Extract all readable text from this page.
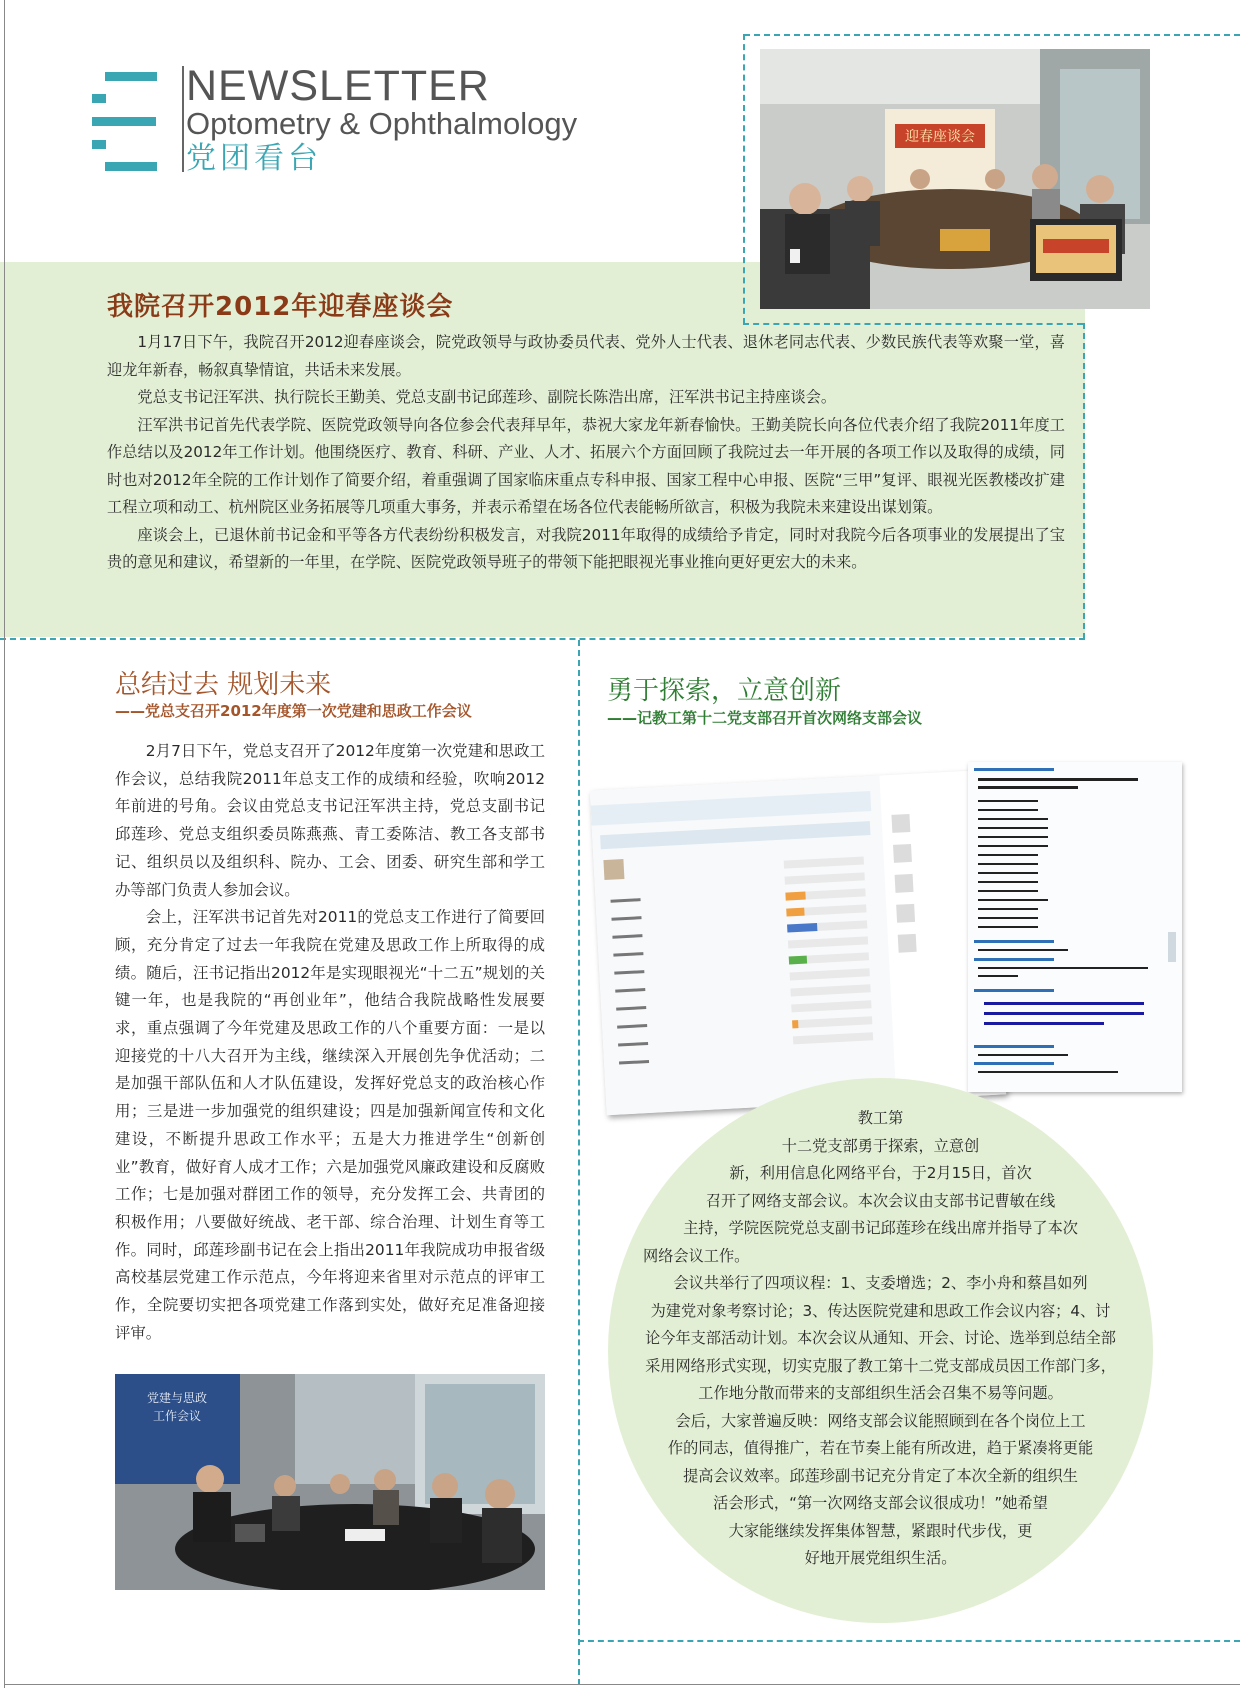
NEWSLETTER
Optometry & Ophthalmology
党团看台
迎春座谈会
我院召开2012年迎春座谈会

1月17日下午，我院召开2012迎春座谈会，院党政领导与政协委员代表、党外人士代表、退休老同志代表、少数民族代表等欢聚一堂，喜迎龙年新春，畅叙真挚情谊，共话未来发展。

党总支书记汪军洪、执行院长王勤美、党总支副书记邱莲珍、副院长陈浩出席，汪军洪书记主持座谈会。

汪军洪书记首先代表学院、医院党政领导向各位参会代表拜早年，恭祝大家龙年新春愉快。王勤美院长向各位代表介绍了我院2011年度工作总结以及2012年工作计划。他围绕医疗、教育、科研、产业、人才、拓展六个方面回顾了我院过去一年开展的各项工作以及取得的成绩，同时也对2012年全院的工作计划作了简要介绍，着重强调了国家临床重点专科申报、国家工程中心申报、医院“三甲”复评、眼视光医教楼改扩建工程立项和动工、杭州院区业务拓展等几项重大事务，并表示希望在场各位代表能畅所欲言，积极为我院未来建设出谋划策。

座谈会上，已退休前书记金和平等各方代表纷纷积极发言，对我院2011年取得的成绩给予肯定，同时对我院今后各项事业的发展提出了宝贵的意见和建议，希望新的一年里，在学院、医院党政领导班子的带领下能把眼视光事业推向更好更宏大的未来。

总结过去 规划未来
——党总支召开2012年度第一次党建和思政工作会议

2月7日下午，党总支召开了2012年度第一次党建和思政工作会议，总结我院2011年总支工作的成绩和经验，吹响2012年前进的号角。会议由党总支书记汪军洪主持，党总支副书记邱莲珍、党总支组织委员陈燕燕、青工委陈洁、教工各支部书记、组织员以及组织科、院办、工会、团委、研究生部和学工办等部门负责人参加会议。

会上，汪军洪书记首先对2011的党总支工作进行了简要回顾，充分肯定了过去一年我院在党建及思政工作上所取得的成绩。随后，汪书记指出2012年是实现眼视光“十二五”规划的关键一年，也是我院的“再创业年”，他结合我院战略性发展要求，重点强调了今年党建及思政工作的八个重要方面：一是以迎接党的十八大召开为主线，继续深入开展创先争优活动；二是加强干部队伍和人才队伍建设，发挥好党总支的政治核心作用；三是进一步加强党的组织建设；四是加强新闻宣传和文化建设，不断提升思政工作水平；五是大力推进学生“创新创业”教育，做好育人成才工作；六是加强党风廉政建设和反腐败工作；七是加强对群团工作的领导，充分发挥工会、共青团的积极作用；八要做好统战、老干部、综合治理、计划生育等工作。同时，邱莲珍副书记在会上指出2011年我院成功申报省级高校基层党建工作示范点，今年将迎来省里对示范点的评审工作，全院要切实把各项党建工作落到实处，做好充足准备迎接评审。

党建与思政
工作会议
勇于探索，立意创新
——记教工第十二党支部召开首次网络支部会议

教工第

十二党支部勇于探索，立意创

新，利用信息化网络平台，于2月15日，首次

召开了网络支部会议。本次会议由支部书记曹敏在线

主持，学院医院党总支副书记邱莲珍在线出席并指导了本次

网络会议工作。

会议共举行了四项议程：1、支委增选；2、李小舟和蔡昌如列

为建党对象考察讨论；3、传达医院党建和思政工作会议内容；4、讨

论今年支部活动计划。本次会议从通知、开会、讨论、选举到总结全部

采用网络形式实现，切实克服了教工第十二党支部成员因工作部门多，

工作地分散而带来的支部组织生活会召集不易等问题。

会后，大家普遍反映：网络支部会议能照顾到在各个岗位上工

作的同志，值得推广，若在节奏上能有所改进，趋于紧凑将更能

提高会议效率。邱莲珍副书记充分肯定了本次全新的组织生

活会形式，“第一次网络支部会议很成功！”她希望

大家能继续发挥集体智慧，紧跟时代步伐，更

好地开展党组织生活。
